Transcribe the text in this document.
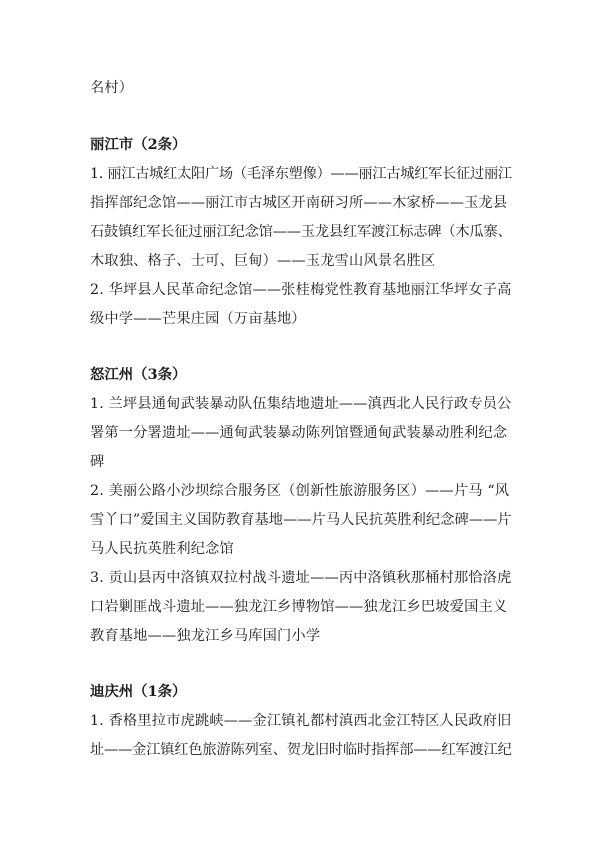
名村）
丽江市（2条）
1. 丽江古城红太阳广场（毛泽东塑像）——丽江古城红军长征过丽江
指挥部纪念馆——丽江市古城区开南研习所——木家桥——玉龙县
石鼓镇红军长征过丽江纪念馆——玉龙县红军渡江标志碑（木瓜寨、
木取独、格子、士可、巨甸）——玉龙雪山风景名胜区
2. 华坪县人民革命纪念馆——张桂梅党性教育基地丽江华坪女子高
级中学——芒果庄园（万亩基地）
怒江州（3条）
1. 兰坪县通甸武装暴动队伍集结地遗址——滇西北人民行政专员公
署第一分署遗址——通甸武装暴动陈列馆暨通甸武装暴动胜利纪念
碑
2. 美丽公路小沙坝综合服务区（创新性旅游服务区）——片马 “风
雪丫口”爱国主义国防教育基地——片马人民抗英胜利纪念碑——片
马人民抗英胜利纪念馆
3. 贡山县丙中洛镇双拉村战斗遗址——丙中洛镇秋那桶村那恰洛虎
口岩剿匪战斗遗址——独龙江乡博物馆——独龙江乡巴坡爱国主义
教育基地——独龙江乡马库国门小学
迪庆州（1条）
1. 香格里拉市虎跳峡——金江镇礼都村滇西北金江特区人民政府旧
址——金江镇红色旅游陈列室、贺龙旧时临时指挥部——红军渡江纪
